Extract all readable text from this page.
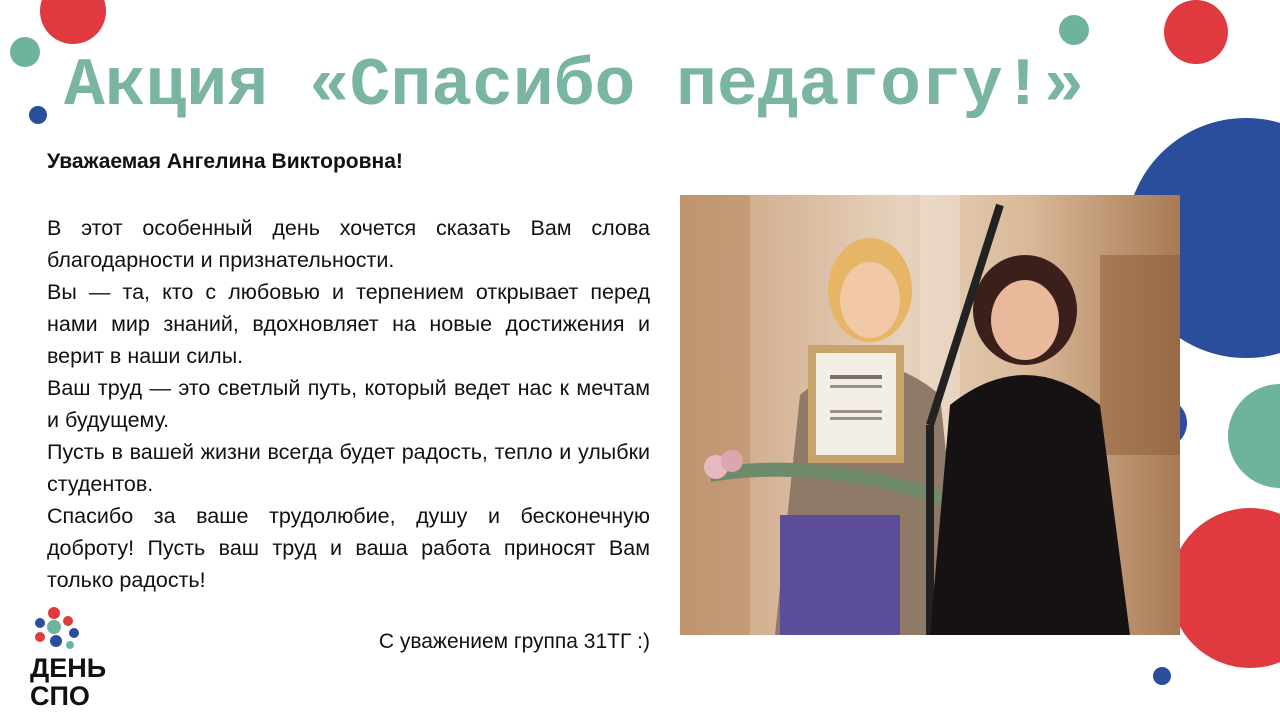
Акция «Спасибо педагогу!»
Уважаемая Ангелина Викторовна!

В этот особенный день хочется сказать Вам слова благодарности и признательности.

Вы — та, кто с любовью и терпением открывает перед нами мир знаний, вдохновляет на новые достижения и верит в наши силы.

Ваш труд — это светлый путь, который ведет нас к мечтам и будущему.

Пусть в вашей жизни всегда будет радость, тепло и улыбки студентов.

Спасибо за ваше трудолюбие, душу и бесконечную доброту! Пусть ваш труд и ваша работа приносят Вам только радость!

С уважением группа 31ТГ :)
ДЕНЬ
СПО
